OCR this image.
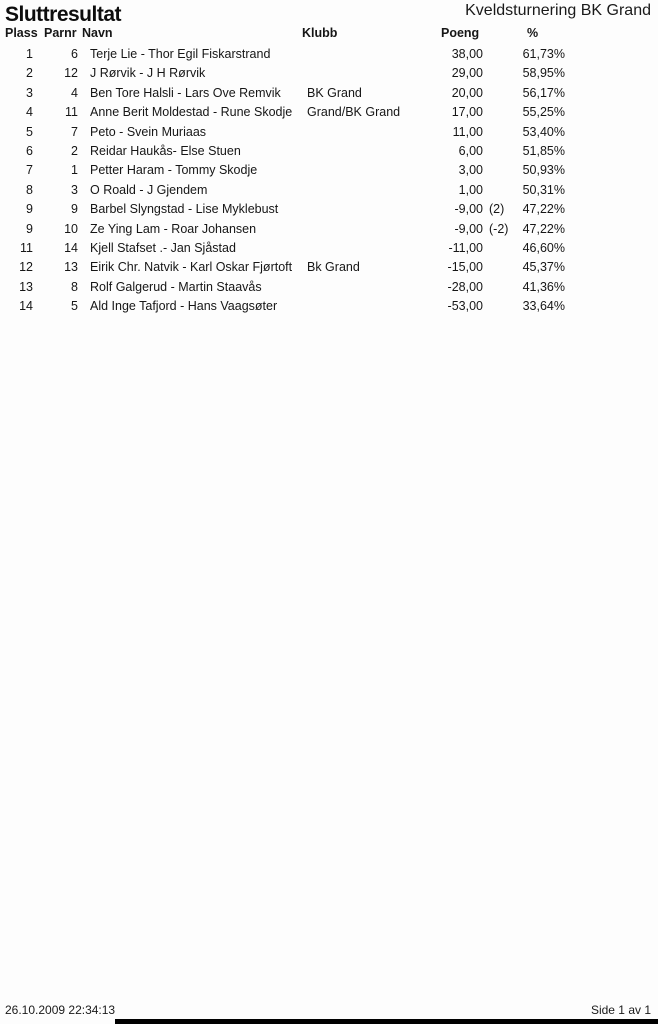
Sluttresultat	Kveldsturnering BK Grand
Plass Parnr Navn	Klubb	Poeng	%
1	6 Terje Lie - Thor Egil Fiskarstrand	38,00	61,73%
2	12 J Rørvik - J H Rørvik	29,00	58,95%
3	4 Ben Tore Halsli - Lars Ove Remvik	BK Grand	20,00	56,17%
4	11 Anne Berit Moldestad - Rune Skodje	Grand/BK Grand	17,00	55,25%
5	7 Peto - Svein Muriaas	11,00	53,40%
6	2 Reidar Haukås- Else Stuen	6,00	51,85%
7	1 Petter Haram - Tommy Skodje	3,00	50,93%
8	3 O Roald - J Gjendem	1,00	50,31%
9	9 Barbel Slyngstad - Lise Myklebust	-9,00 (2)	47,22%
9	10 Ze Ying Lam - Roar Johansen	-9,00 (-2)	47,22%
11	14 Kjell Stafset .- Jan Sjåstad	-11,00	46,60%
12	13 Eirik Chr. Natvik - Karl Oskar Fjørtoft	Bk Grand	-15,00	45,37%
13	8 Rolf Galgerud - Martin Staavås	-28,00	41,36%
14	5 Ald Inge Tafjord - Hans Vaagsøter	-53,00	33,64%
26.10.2009 22:34:13	Side 1 av 1
